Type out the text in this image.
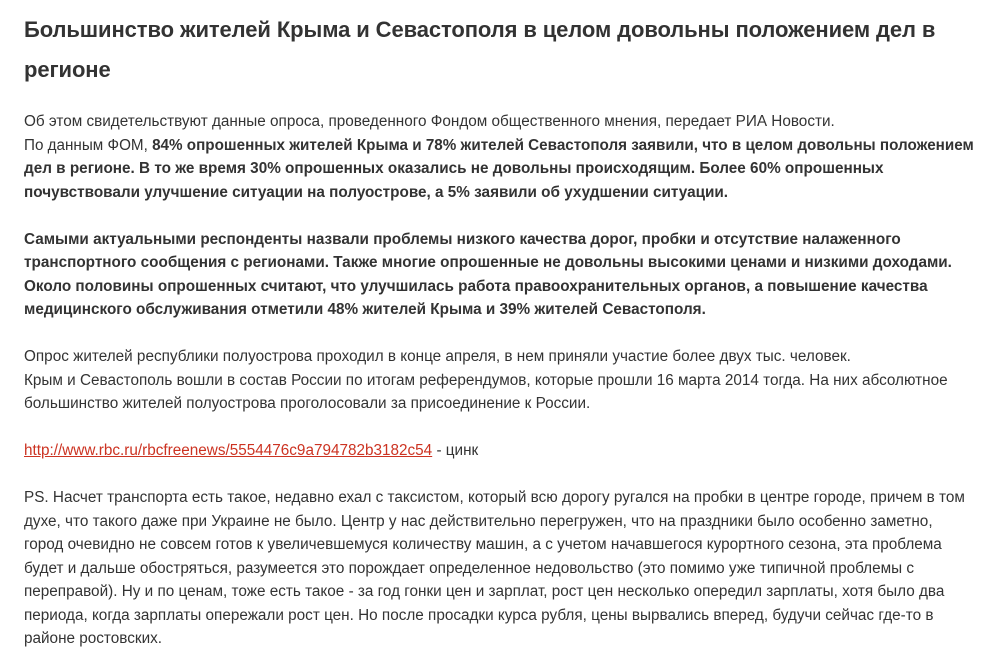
Большинство жителей Крыма и Севастополя в целом довольны положением дел в
регионе
Об этом свидетельствуют данные опроса, проведенного Фондом общественного мнения, передает РИА Новости.
По данным ФОМ, 84% опрошенных жителей Крыма и 78% жителей Севастополя заявили, что в целом довольны положением
дел в регионе. В то же время 30% опрошенных оказались не довольны происходящим. Более 60% опрошенных
почувствовали улучшение ситуации на полуострове, а 5% заявили об ухудшении ситуации.
Самыми актуальными респонденты назвали проблемы низкого качества дорог, пробки и отсутствие налаженного
транспортного сообщения с регионами. Также многие опрошенные не довольны высокими ценами и низкими доходами.
Около половины опрошенных считают, что улучшилась работа правоохранительных органов, а повышение качества
медицинского обслуживания отметили 48% жителей Крыма и 39% жителей Севастополя.
Опрос жителей республики полуострова проходил в конце апреля, в нем приняли участие более двух тыс. человек.
Крым и Севастополь вошли в состав России по итогам референдумов, которые прошли 16 марта 2014 тогда. На них абсолютное
большинство жителей полуострова проголосовали за присоединение к России.
http://www.rbc.ru/rbcfreenews/5554476c9a794782b3182c54 - цинк
PS. Насчет транспорта есть такое, недавно ехал с таксистом, который всю дорогу ругался на пробки в центре городе, причем в том
духе, что такого даже при Украине не было. Центр у нас действительно перегружен, что на праздники было особенно заметно,
город очевидно не совсем готов к увеличевшемуся количеству машин, а с учетом начавшегося курортного сезона, эта проблема
будет и дальше обостряться, разумеется это порождает определенное недовольство (это помимо уже типичной проблемы с
переправой). Ну и по ценам, тоже есть такое - за год гонки цен и зарплат, рост цен несколько опередил зарплаты, хотя было два
периода, когда зарплаты опережали рост цен. Но после просадки курса рубля, цены вырвались вперед, будучи сейчас где-то в
районе ростовских.
